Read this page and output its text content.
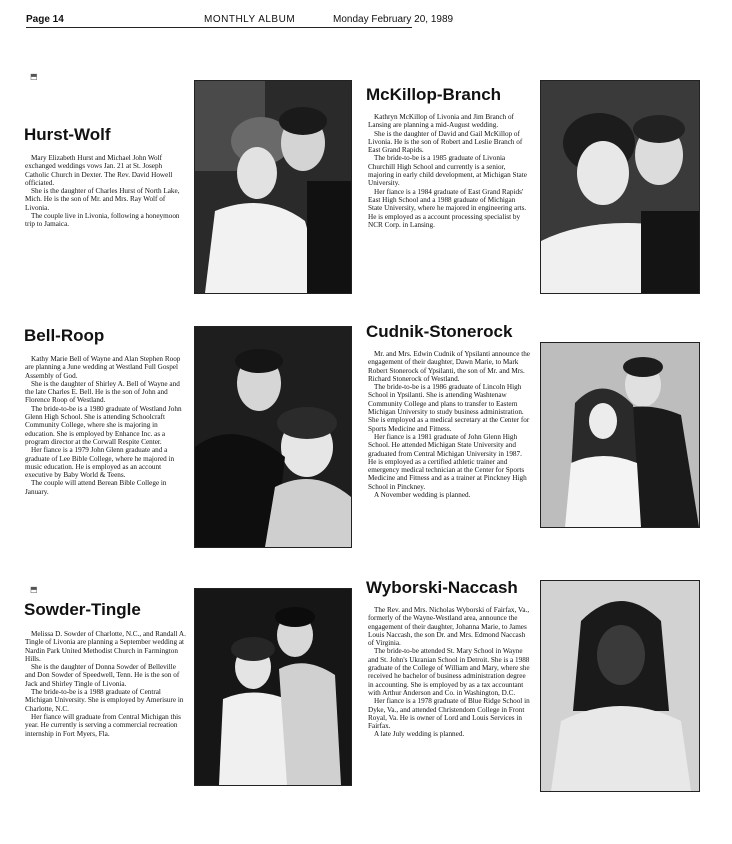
Page 14	MONTHLY ALBUM	Monday February 20, 1989
⬒
⬒
Hurst-Wolf

Mary Elizabeth Hurst and Michael John Wolf exchanged weddings vows Jan. 21 at St. Joseph Catholic Church in Dexter. The Rev. David Howell officiated.

She is the daughter of Charles Hurst of North Lake, Mich. He is the son of Mr. and Mrs. Ray Wolf of Livonia.

The couple live in Livonia, following a honeymoon trip to Jamaica.

McKillop-Branch

Kathryn McKillop of Livonia and Jim Branch of Lansing are planning a mid-August wedding.

She is the daughter of David and Gail McKillop of Livonia. He is the son of Robert and Leslie Branch of East Grand Rapids.

The bride-to-be is a 1985 graduate of Livonia Churchill High School and currently is a senior, majoring in early child development, at Michigan State University.

Her fiance is a 1984 graduate of East Grand Rapids' East High School and a 1988 graduate of Michigan State University, where he majored in engineering arts. He is employed as a account processing specialist by NCR Corp. in Lansing.

Bell-Roop

Kathy Marie Bell of Wayne and Alan Stephen Roop are planning a June wedding at Westland Full Gospel Assembly of God.

She is the daughter of Shirley A. Bell of Wayne and the late Charles E. Bell. He is the son of John and Florence Roop of Westland.

The bride-to-be is a 1980 graduate of Westland John Glenn High School. She is attending Schoolcraft Community College, where she is majoring in education. She is employed by Enhance Inc. as a program director at the Corwall Respite Center.

Her fiance is a 1979 John Glenn graduate and a graduate of Lee Bible College, where he majored in music education. He is employed as an account executive by Baby World & Teens.

The couple will attend Berean Bible College in January.

Cudnik-Stonerock

Mr. and Mrs. Edwin Cudnik of Ypsilanti announce the engagement of their daughter, Dawn Marie, to Mark Robert Stonerock of Ypsilanti, the son of Mr. and Mrs. Richard Stonerock of Westland.

The bride-to-be is a 1986 graduate of Lincoln High School in Ypsilanti. She is attending Washtenaw Community College and plans to transfer to Eastern Michigan University to study business administration. She is employed as a medical secretary at the Center for Sports Medicine and Fitness.

Her fiance is a 1981 graduate of John Glenn High School. He attended Michigan State University and graduated from Central Michigan University in 1987. He is employed as a certified athletic trainer and emergency medical technician at the Center for Sports Medicine and Fitness and as a trainer at Pinckney High School in Pinckney.

A November wedding is planned.

Sowder-Tingle

Melissa D. Sowder of Charlotte, N.C., and Randall A. Tingle of Livonia are planning a September wedding at Nardin Park United Methodist Church in Farmington Hills.

She is the daughter of Donna Sowder of Belleville and Don Sowder of Speedwell, Tenn. He is the son of Jack and Shirley Tingle of Livonia.

The bride-to-be is a 1988 graduate of Central Michigan University. She is employed by Amerisure in Charlotte, N.C.

Her fiance will graduate from Central Michigan this year. He currently is serving a commercial recreation internship in Fort Myers, Fla.

Wyborski-Naccash

The Rev. and Mrs. Nicholas Wyborski of Fairfax, Va., formerly of the Wayne-Westland area, announce the engagement of their daughter, Johanna Marie, to James Louis Naccash, the son Dr. and Mrs. Edmond Naccash of Virginia.

The bride-to-be attended St. Mary School in Wayne and St. John's Ukranian School in Detroit. She is a 1988 graduate of the College of William and Mary, where she received he bachelor of business administration degree in accounting. She is employed by as a tax accountant with Arthur Anderson and Co. in Washington, D.C.

Her fiance is a 1978 graduate of Blue Ridge School in Dyke, Va., and attended Christendom College in Front Royal, Va. He is owner of Lord and Louis Services in Fairfax.

A late July wedding is planned.
